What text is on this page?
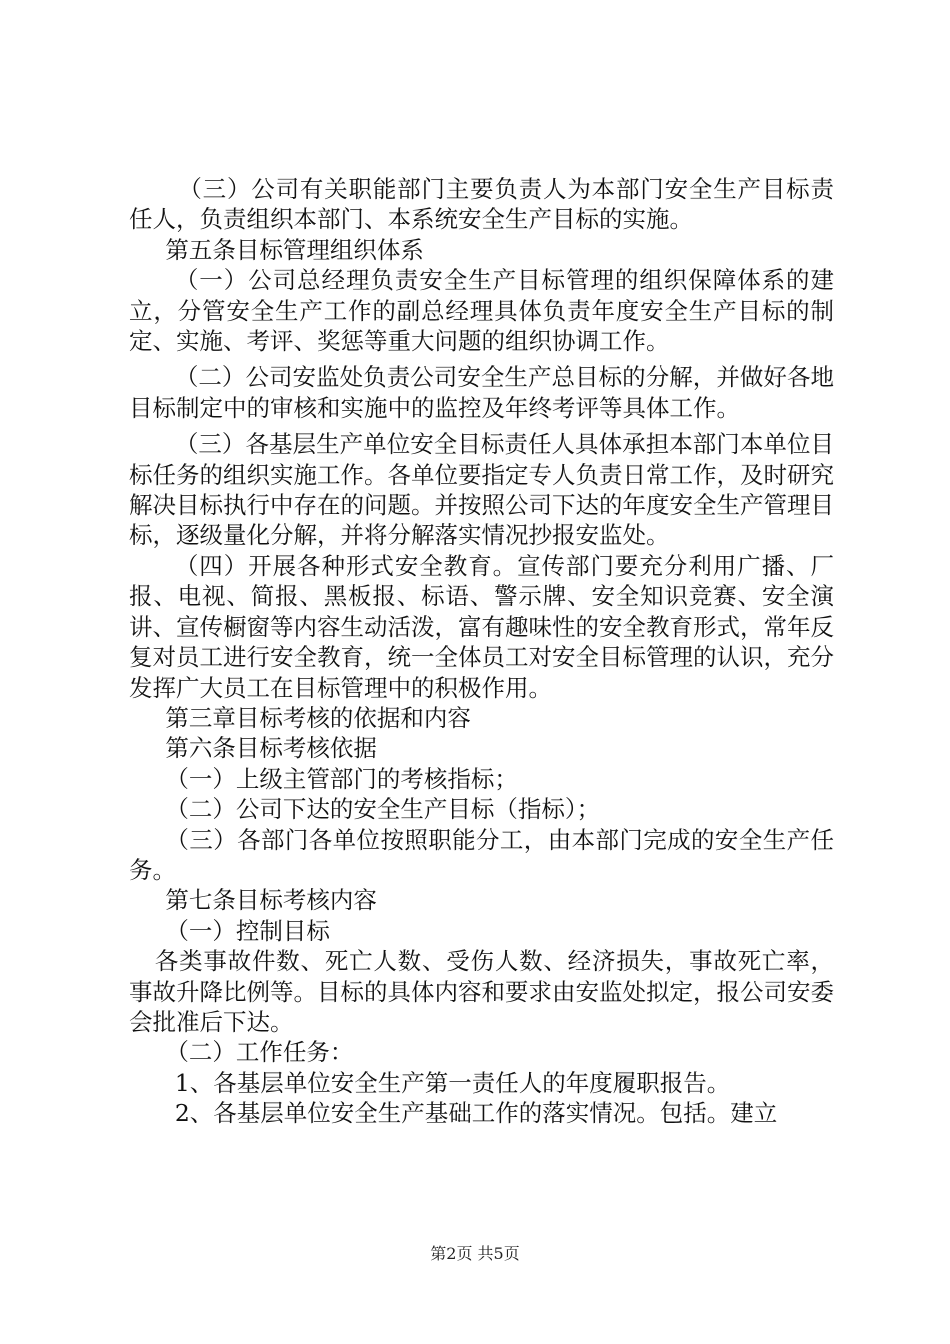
（三）公司有关职能部门主要负责人为本部门安全生产目标责任人，负责组织本部门、本系统安全生产目标的实施。

第五条目标管理组织体系

（一）公司总经理负责安全生产目标管理的组织保障体系的建立，分管安全生产工作的副总经理具体负责年度安全生产目标的制定、实施、考评、奖惩等重大问题的组织协调工作。

（二）公司安监处负责公司安全生产总目标的分解，并做好各地目标制定中的审核和实施中的监控及年终考评等具体工作。

（三）各基层生产单位安全目标责任人具体承担本部门本单位目标任务的组织实施工作。各单位要指定专人负责日常工作，及时研究解决目标执行中存在的问题。并按照公司下达的年度安全生产管理目标，逐级量化分解，并将分解落实情况抄报安监处。

（四）开展各种形式安全教育。宣传部门要充分利用广播、厂报、电视、简报、黑板报、标语、警示牌、安全知识竞赛、安全演讲、宣传橱窗等内容生动活泼，富有趣味性的安全教育形式，常年反复对员工进行安全教育，统一全体员工对安全目标管理的认识，充分发挥广大员工在目标管理中的积极作用。

第三章目标考核的依据和内容

第六条目标考核依据

（一）上级主管部门的考核指标；

（二）公司下达的安全生产目标（指标）；

（三）各部门各单位按照职能分工，由本部门完成的安全生产任务。

第七条目标考核内容

（一）控制目标

各类事故件数、死亡人数、受伤人数、经济损失，事故死亡率，事故升降比例等。目标的具体内容和要求由安监处拟定，报公司安委会批准后下达。

（二）工作任务：

1、各基层单位安全生产第一责任人的年度履职报告。

2、各基层单位安全生产基础工作的落实情况。包括。建立

第2页 共5页
